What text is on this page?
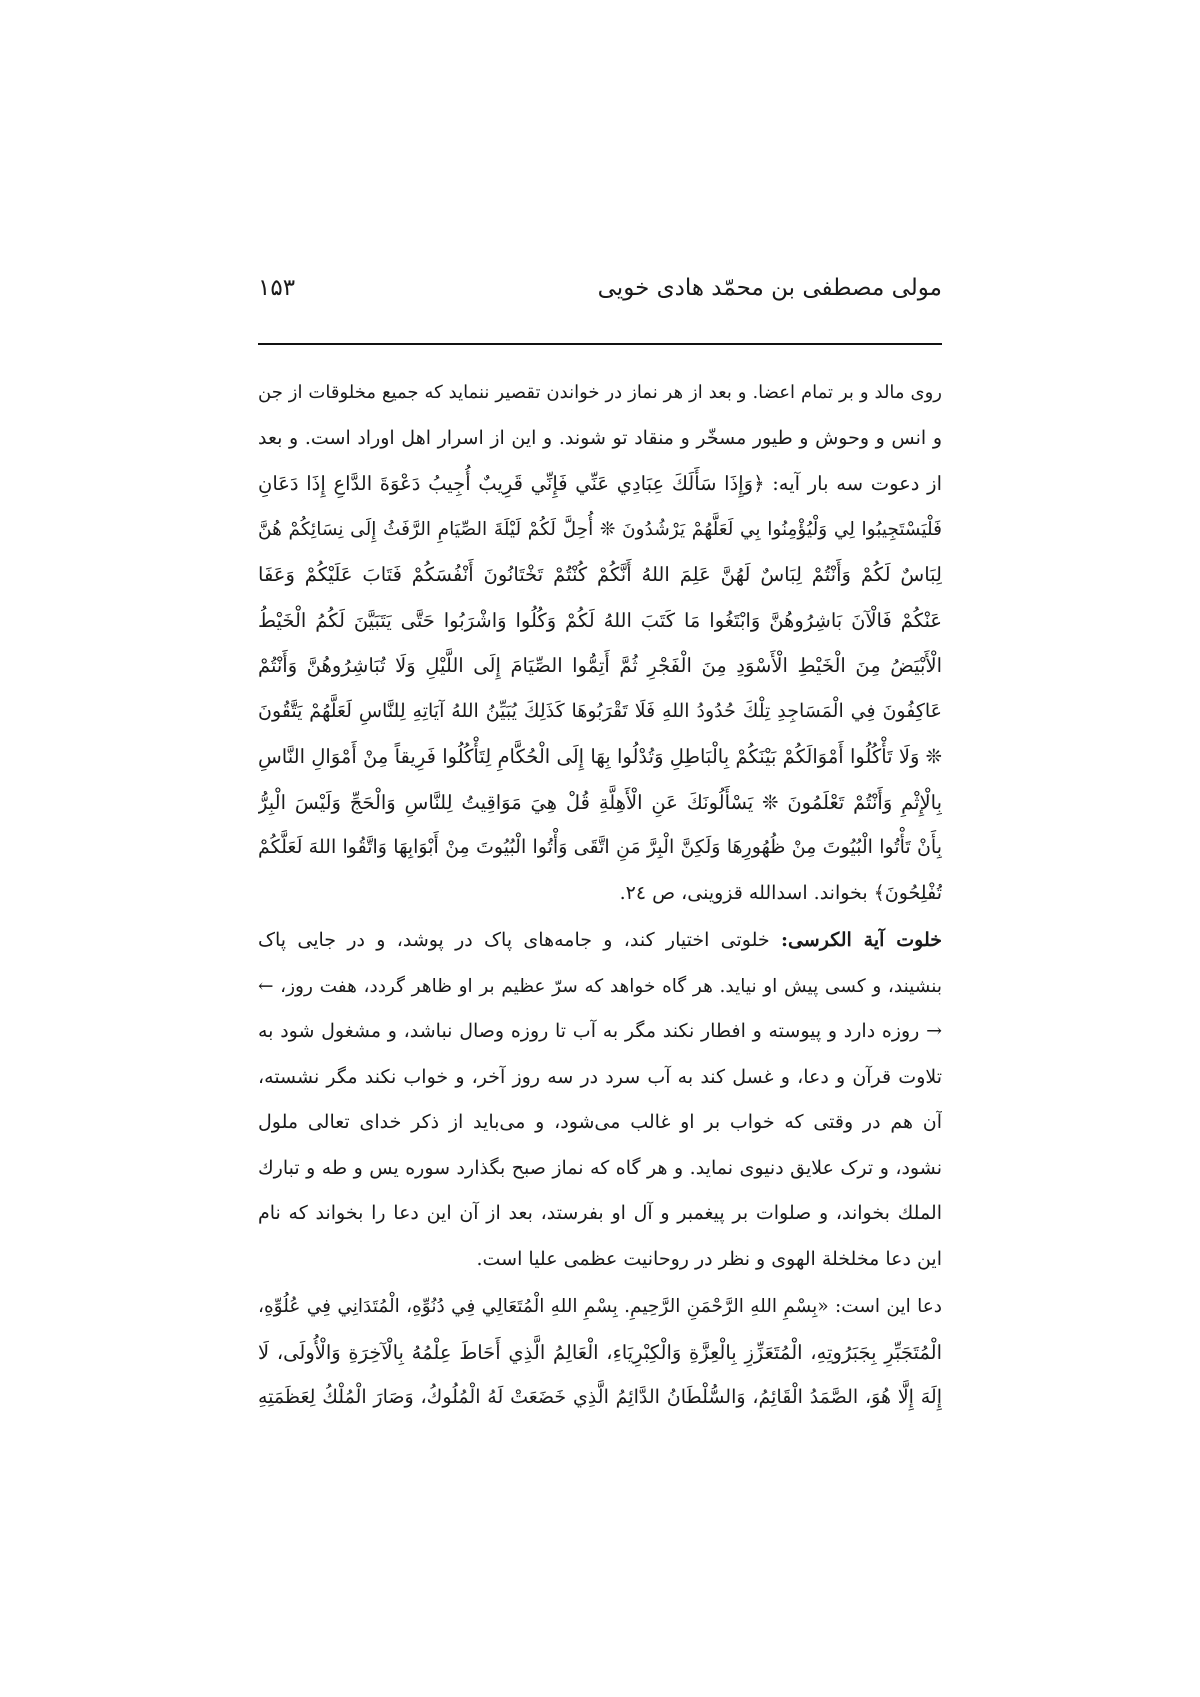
مولی مصطفی بن محمّد هادی خویی
۱۵۳
روی مالد و بر تمام اعضا. و بعد از هر نماز در خواندن تقصیر ننماید که جمیع مخلوقات از جن
و انس و وحوش و طیور مسخّر و منقاد تو شوند. و این از اسرار اهل اوراد است. و بعد
از دعوت سه بار آیه: ﴿وَإِذَا سَأَلَكَ عِبَادِي عَنِّي فَإِنِّي قَرِيبٌ أُجِيبُ دَعْوَةَ الدَّاعِ إِذَا دَعَانِ
فَلْيَسْتَجِيبُوا لِي وَلْيُؤْمِنُوا بِي لَعَلَّهُمْ يَرْشُدُونَ ❊ أُحِلَّ لَكُمْ لَيْلَةَ الصِّيَامِ الرَّفَثُ إِلَى نِسَائِكُمْ هُنَّ
لِبَاسٌ لَكُمْ وَأَنْتُمْ لِبَاسٌ لَهُنَّ عَلِمَ اللهُ أَنَّكُمْ كُنْتُمْ تَخْتَانُونَ أَنْفُسَكُمْ فَتَابَ عَلَيْكُمْ وَعَفَا
عَنْكُمْ فَالْآنَ بَاشِرُوهُنَّ وَابْتَغُوا مَا كَتَبَ اللهُ لَكُمْ وَكُلُوا وَاشْرَبُوا حَتَّى يَتَبَيَّنَ لَكُمُ الْخَيْطُ
الْأَبْيَضُ مِنَ الْخَيْطِ الْأَسْوَدِ مِنَ الْفَجْرِ ثُمَّ أَتِمُّوا الصِّيَامَ إِلَى اللَّيْلِ وَلَا تُبَاشِرُوهُنَّ وَأَنْتُمْ
عَاكِفُونَ فِي الْمَسَاجِدِ تِلْكَ حُدُودُ اللهِ فَلَا تَقْرَبُوهَا كَذَلِكَ يُبَيِّنُ اللهُ آيَاتِهِ لِلنَّاسِ لَعَلَّهُمْ يَتَّقُونَ
❊ وَلَا تَأْكُلُوا أَمْوَالَكُمْ بَيْنَكُمْ بِالْبَاطِلِ وَتُدْلُوا بِهَا إِلَى الْحُكَّامِ لِتَأْكُلُوا فَرِيقاً مِنْ أَمْوَالِ النَّاسِ
بِالْإِثْمِ وَأَنْتُمْ تَعْلَمُونَ ❊ يَسْأَلُونَكَ عَنِ الْأَهِلَّةِ قُلْ هِيَ مَوَاقِيتُ لِلنَّاسِ وَالْحَجِّ وَلَيْسَ الْبِرُّ
بِأَنْ تَأْتُوا الْبُيُوتَ مِنْ ظُهُورِهَا وَلَكِنَّ الْبِرَّ مَنِ اتَّقَى وَأْتُوا الْبُيُوتَ مِنْ أَبْوَابِهَا وَاتَّقُوا اللهَ لَعَلَّكُمْ
تُفْلِحُونَ﴾ بخواند. اسدالله قزوینی، ص ۲٤.
خلوت آیة الکرسی: خلوتی اختیار کند، و جامه‌های پاک در پوشد، و در جایی پاک
بنشیند، و کسی پیش او نیاید. هر گاه خواهد که سرّ عظیم بر او ظاهر گردد، هفت روز، ←
→ روزه دارد و پیوسته و افطار نکند مگر به آب تا روزه وصال نباشد، و مشغول شود به
تلاوت قرآن و دعا، و غسل کند به آب سرد در سه روز آخر، و خواب نکند مگر نشسته،
آن هم در وقتی که خواب بر او غالب می‌شود، و می‌باید از ذکر خدای تعالی ملول
نشود، و ترک علایق دنیوی نماید. و هر گاه که نماز صبح بگذارد سوره یس و طه و تبارك
الملك بخواند، و صلوات بر پیغمبر و آل او بفرستد، بعد از آن این دعا را بخواند که نام
این دعا مخلخلة الهوی و نظر در روحانیت عظمی علیا است.
دعا این است: «بِسْمِ اللهِ الرَّحْمَنِ الرَّحِيمِ. بِسْمِ اللهِ الْمُتَعَالِي فِي دُنُوِّهِ، الْمُتَدَانِي فِي عُلُوِّهِ،
الْمُتَجَبِّرِ بِجَبَرُوتِهِ، الْمُتَعَزِّزِ بِالْعِزَّةِ وَالْكِبْرِيَاءِ، الْعَالِمُ الَّذِي أَحَاطَ عِلْمُهُ بِالْآخِرَةِ وَالْأُولَى، لَا
إِلَهَ إِلَّا هُوَ، الصَّمَدُ الْقَائِمُ، وَالسُّلْطَانُ الدَّائِمُ الَّذِي خَضَعَتْ لَهُ الْمُلُوكُ، وَصَارَ الْمُلْكُ لِعَظَمَتِهِ
